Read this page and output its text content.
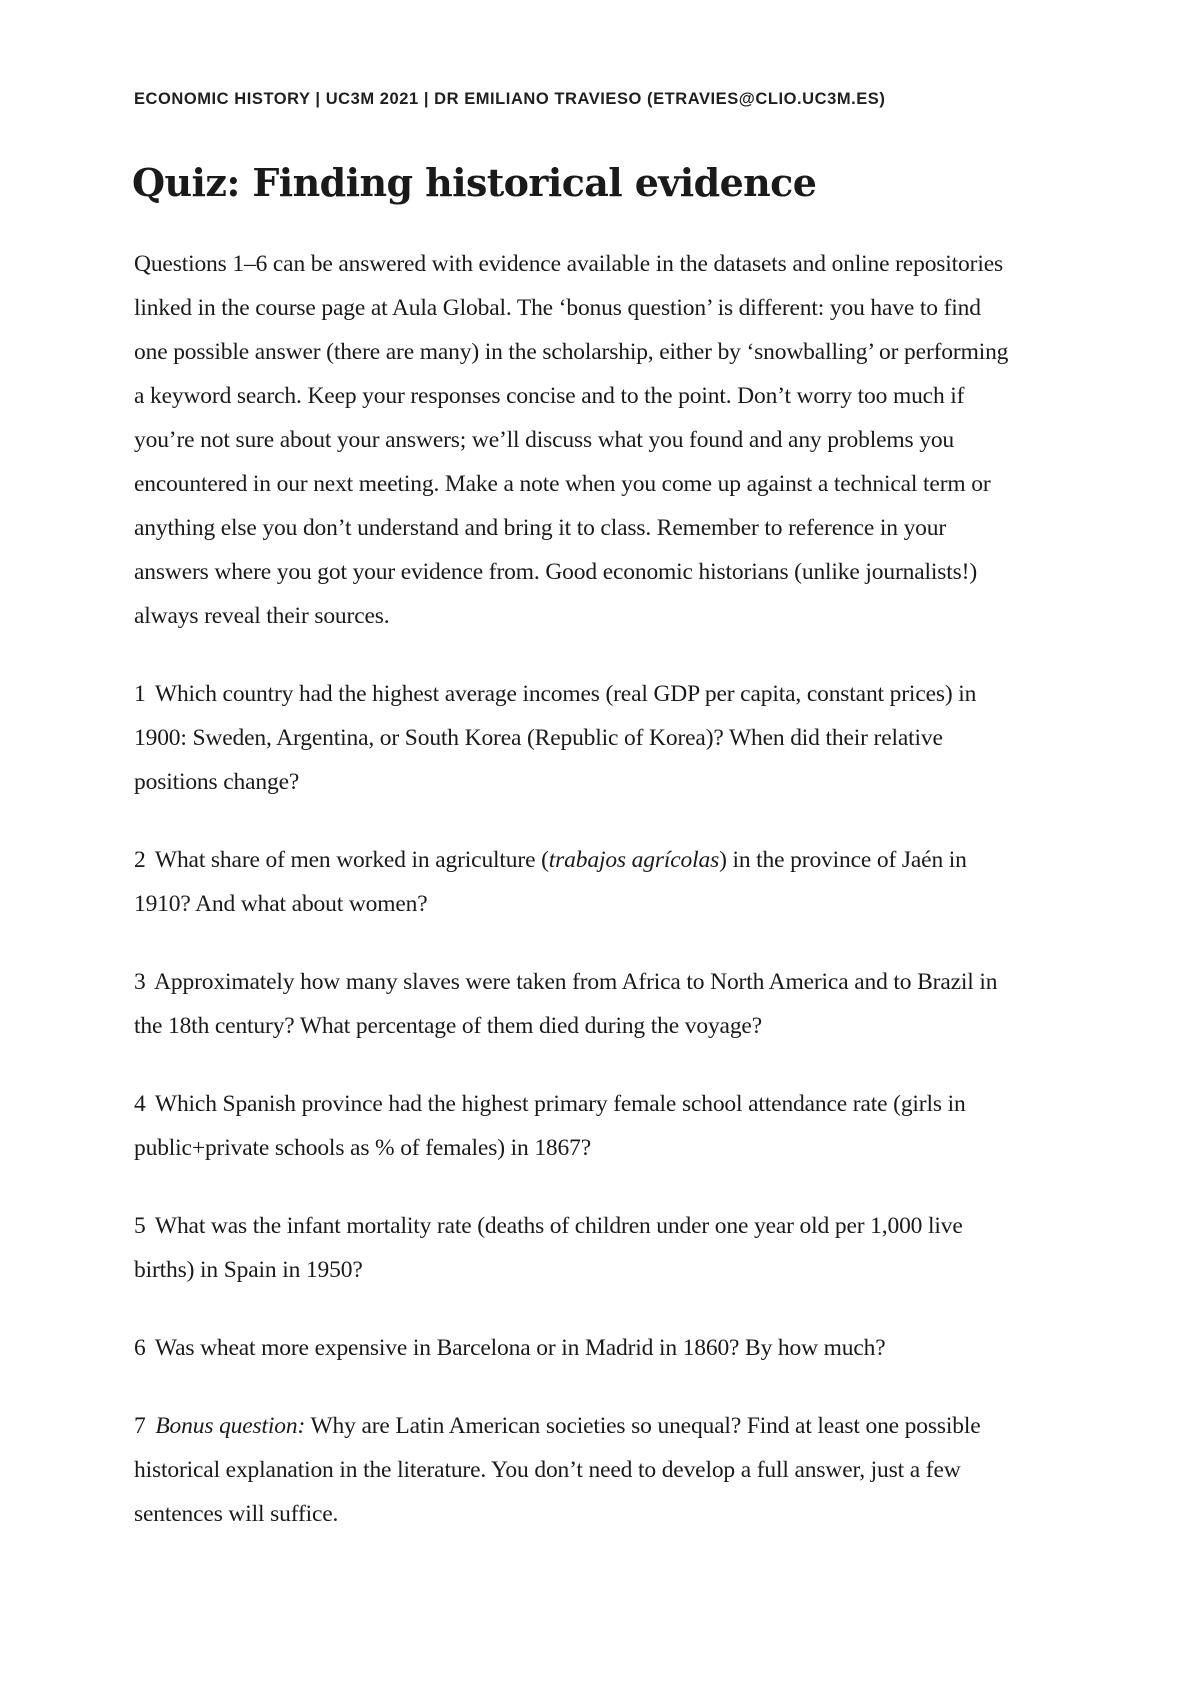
ECONOMIC HISTORY | UC3M 2021 | DR EMILIANO TRAVIESO (ETRAVIES@CLIO.UC3M.ES)
Quiz: Finding historical evidence

Questions 1–6 can be answered with evidence available in the datasets and online repositories linked in the course page at Aula Global. The ‘bonus question’ is different: you have to find one possible answer (there are many) in the scholarship, either by ‘snowballing’ or performing a keyword search. Keep your responses concise and to the point. Don’t worry too much if you’re not sure about your answers; we’ll discuss what you found and any problems you encountered in our next meeting. Make a note when you come up against a technical term or anything else you don’t understand and bring it to class. Remember to reference in your answers where you got your evidence from. Good economic historians (unlike journalists!) always reveal their sources.

1 Which country had the highest average incomes (real GDP per capita, constant prices) in 1900: Sweden, Argentina, or South Korea (Republic of Korea)? When did their relative positions change?

2 What share of men worked in agriculture (trabajos agrícolas) in the province of Jaén in 1910? And what about women?

3 Approximately how many slaves were taken from Africa to North America and to Brazil in the 18th century? What percentage of them died during the voyage?

4 Which Spanish province had the highest primary female school attendance rate (girls in public+private schools as % of females) in 1867?

5 What was the infant mortality rate (deaths of children under one year old per 1,000 live births) in Spain in 1950?

6 Was wheat more expensive in Barcelona or in Madrid in 1860? By how much?

7 Bonus question: Why are Latin American societies so unequal? Find at least one possible historical explanation in the literature. You don’t need to develop a full answer, just a few sentences will suffice.
